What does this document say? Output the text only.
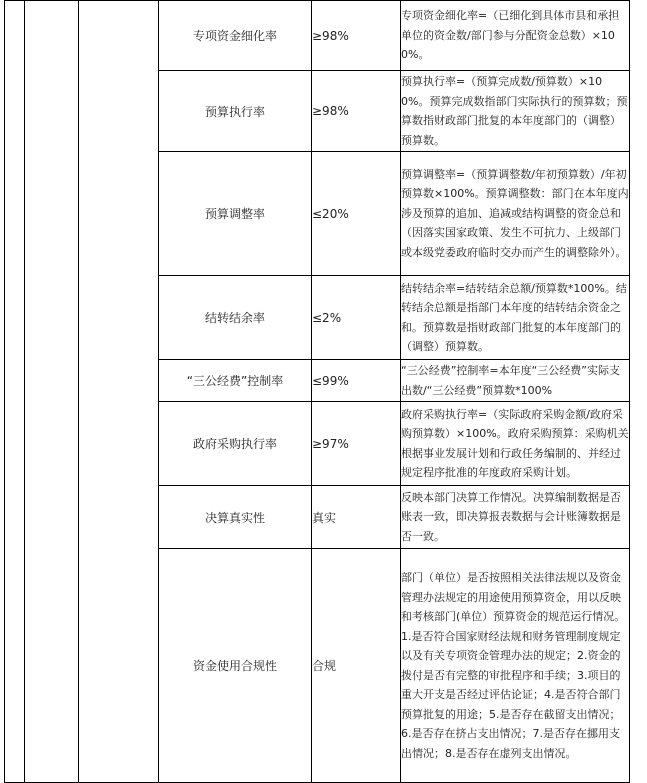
			专项资金细化率	≥98%	专项资金细化率=（已细化到具体市县和承担单位的资金数/部门参与分配资金总数）×100%。
			预算执行率	≥98%	预算执行率=（预算完成数/预算数）×100%。预算完成数指部门实际执行的预算数；预算数指财政部门批复的本年度部门的（调整）预算数。
			预算调整率	≤20%	预算调整率=（预算调整数/年初预算数）/年初预算数×100%。预算调整数：部门在本年度内涉及预算的追加、追减或结构调整的资金总和（因落实国家政策、发生不可抗力、上级部门或本级党委政府临时交办而产生的调整除外）。
			结转结余率	≤2%	结转结余率=结转结余总额/预算数*100%。结转结余总额是指部门本年度的结转结余资金之和。预算数是指财政部门批复的本年度部门的（调整）预算数。
			“三公经费”控制率	≤99%	“三公经费”控制率=本年度“三公经费”实际支出数/“三公经费”预算数*100%
			政府采购执行率	≥97%	政府采购执行率=（实际政府采购金额/政府采购预算数）×100%。政府采购预算：采购机关根据事业发展计划和行政任务编制的、并经过规定程序批准的年度政府采购计划。
			决算真实性	真实	反映本部门决算工作情况。决算编制数据是否账表一致，即决算报表数据与会计账簿数据是否一致。
			资金使用合规性	合规	部门（单位）是否按照相关法律法规以及资金管理办法规定的用途使用预算资金，用以反映和考核部门(单位）预算资金的规范运行情况。1.是否符合国家财经法规和财务管理制度规定以及有关专项资金管理办法的规定；2.资金的拨付是否有完整的审批程序和手续；3.项目的重大开支是否经过评估论证；4.是否符合部门预算批复的用途；5.是否存在截留支出情况；6.是否存在挤占支出情况；7.是否存在挪用支出情况；8.是否存在虚列支出情况。
